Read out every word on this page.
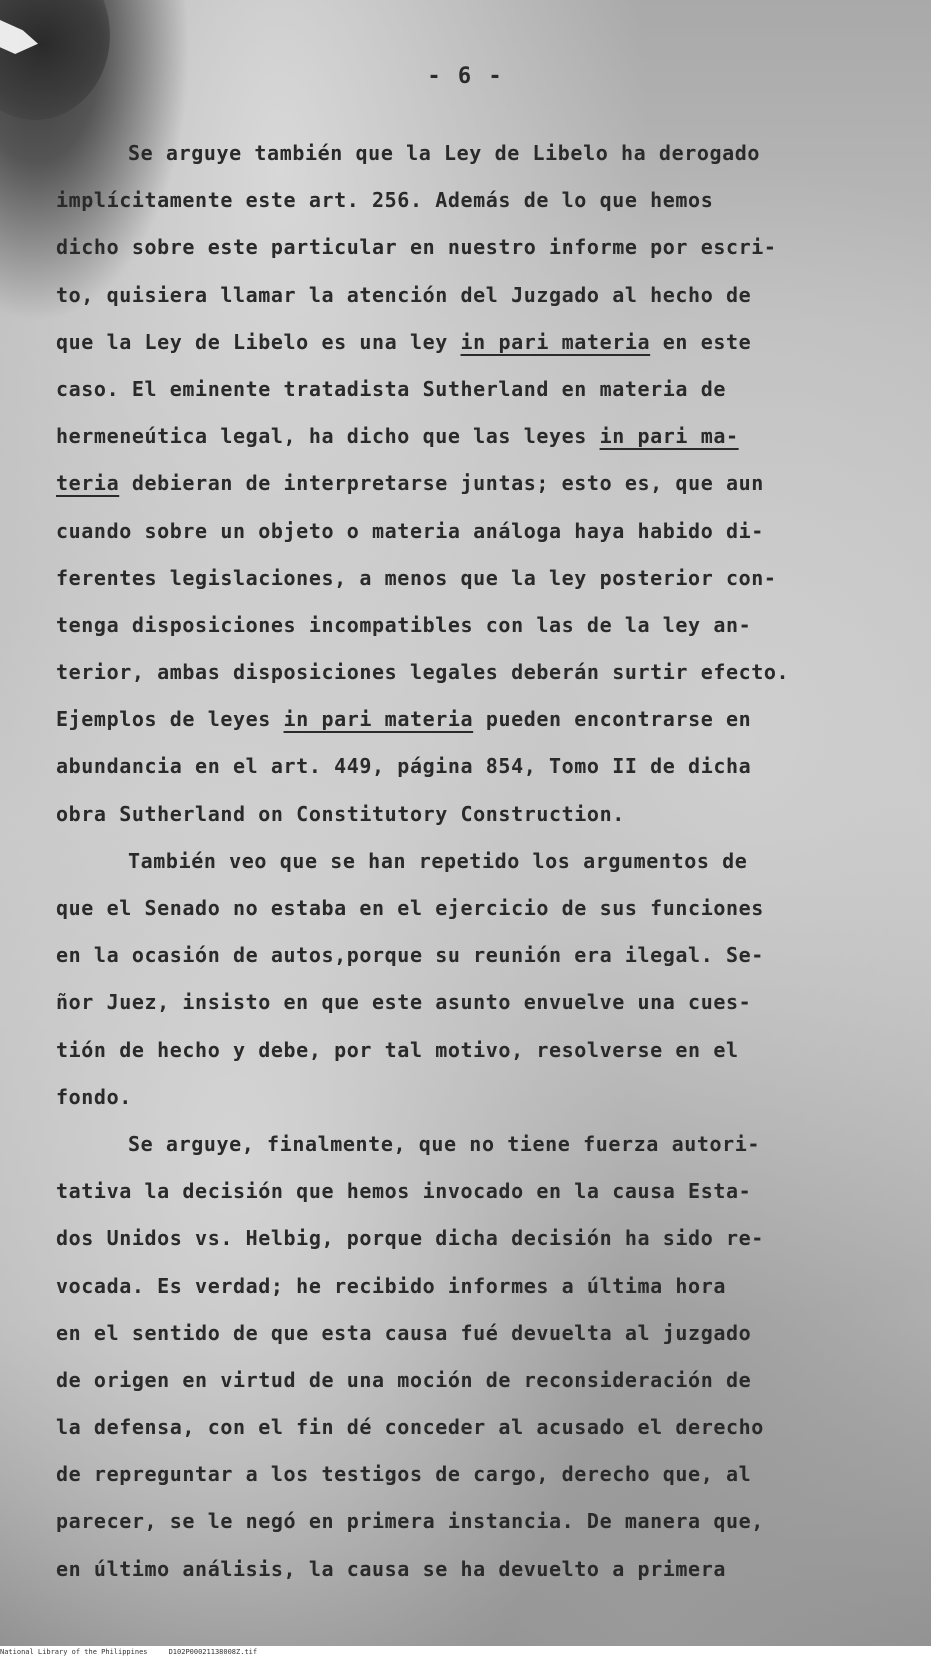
- 6 -
Se arguye también que la Ley de Libelo ha derogado
implícitamente este art. 256. Además de lo que hemos
dicho sobre este particular en nuestro informe por escri-
to, quisiera llamar la atención del Juzgado al hecho de
que la Ley de Libelo es una ley in pari materia en este
caso. El eminente tratadista Sutherland en materia de
hermeneútica legal, ha dicho que las leyes in pari ma-
teria debieran de interpretarse juntas; esto es, que aun
cuando sobre un objeto o materia análoga haya habido di-
ferentes legislaciones, a menos que la ley posterior con-
tenga disposiciones incompatibles con las de la ley an-
terior, ambas disposiciones legales deberán surtir efecto.
Ejemplos de leyes in pari materia pueden encontrarse en
abundancia en el art. 449, página 854, Tomo II de dicha
obra Sutherland on Constitutory Construction.
También veo que se han repetido los argumentos de
que el Senado no estaba en el ejercicio de sus funciones
en la ocasión de autos,porque su reunión era ilegal. Se-
ñor Juez, insisto en que este asunto envuelve una cues-
tión de hecho y debe, por tal motivo, resolverse en el
fondo.
Se arguye, finalmente, que no tiene fuerza autori-
tativa la decisión que hemos invocado en la causa Esta-
dos Unidos vs. Helbig, porque dicha decisión ha sido re-
vocada. Es verdad; he recibido informes a última hora
en el sentido de que esta causa fué devuelta al juzgado
de origen en virtud de una moción de reconsideración de
la defensa, con el fin dé conceder al acusado el derecho
de repreguntar a los testigos de cargo, derecho que, al
parecer, se le negó en primera instancia. De manera que,
en último análisis, la causa se ha devuelto a primera
National Library of the Philippines	D102P00021138008Z.tif
